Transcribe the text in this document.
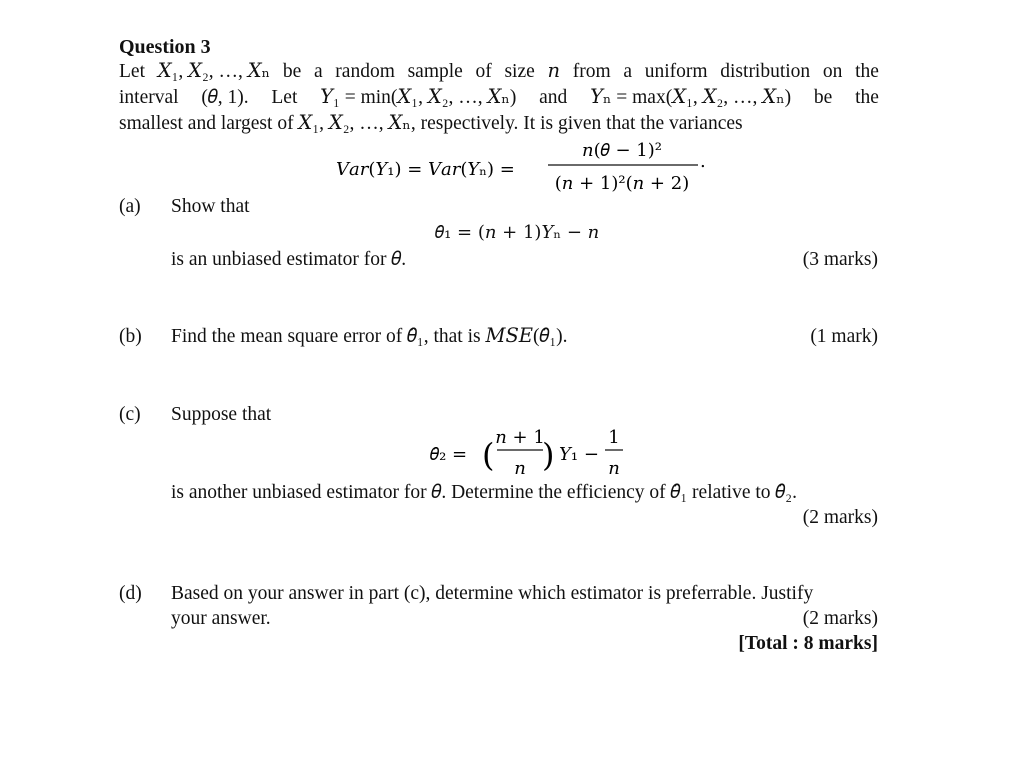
Question 3
Let 𝑋₁, 𝑋₂, …, 𝑋ₙ be a random sample of size 𝑛 from a uniform distribution on the
interval (𝜃, 1). Let 𝑌₁ = min(𝑋₁, 𝑋₂, …, 𝑋ₙ) and 𝑌ₙ = max(𝑋₁, 𝑋₂, …, 𝑋ₙ) be the
smallest and largest of 𝑋₁, 𝑋₂, …, 𝑋ₙ, respectively. It is given that the variances
𝑉𝑎𝑟(𝑌₁) = 𝑉𝑎𝑟(𝑌ₙ) =
𝑛(𝜃 − 1)²
(𝑛 + 1)²(𝑛 + 2)
.
(a) Show that
𝜃̂₁ = (𝑛 + 1)𝑌ₙ − 𝑛
is an unbiased estimator for 𝜃.	(3 marks)
(b) Find the mean square error of 𝜃̂₁, that is 𝑀𝑆𝐸(𝜃̂₁).	(1 mark)
(c) Suppose that
𝜃̂₂ = ( 𝑛 + 1
𝑛 ) 𝑌₁ −
1
𝑛
is another unbiased estimator for 𝜃. Determine the efficiency of 𝜃̂₁ relative to 𝜃̂₂.
(2 marks)
(d) Based on your answer in part (c), determine which estimator is preferrable. Justify
your answer.	(2 marks)
[Total : 8 marks]
